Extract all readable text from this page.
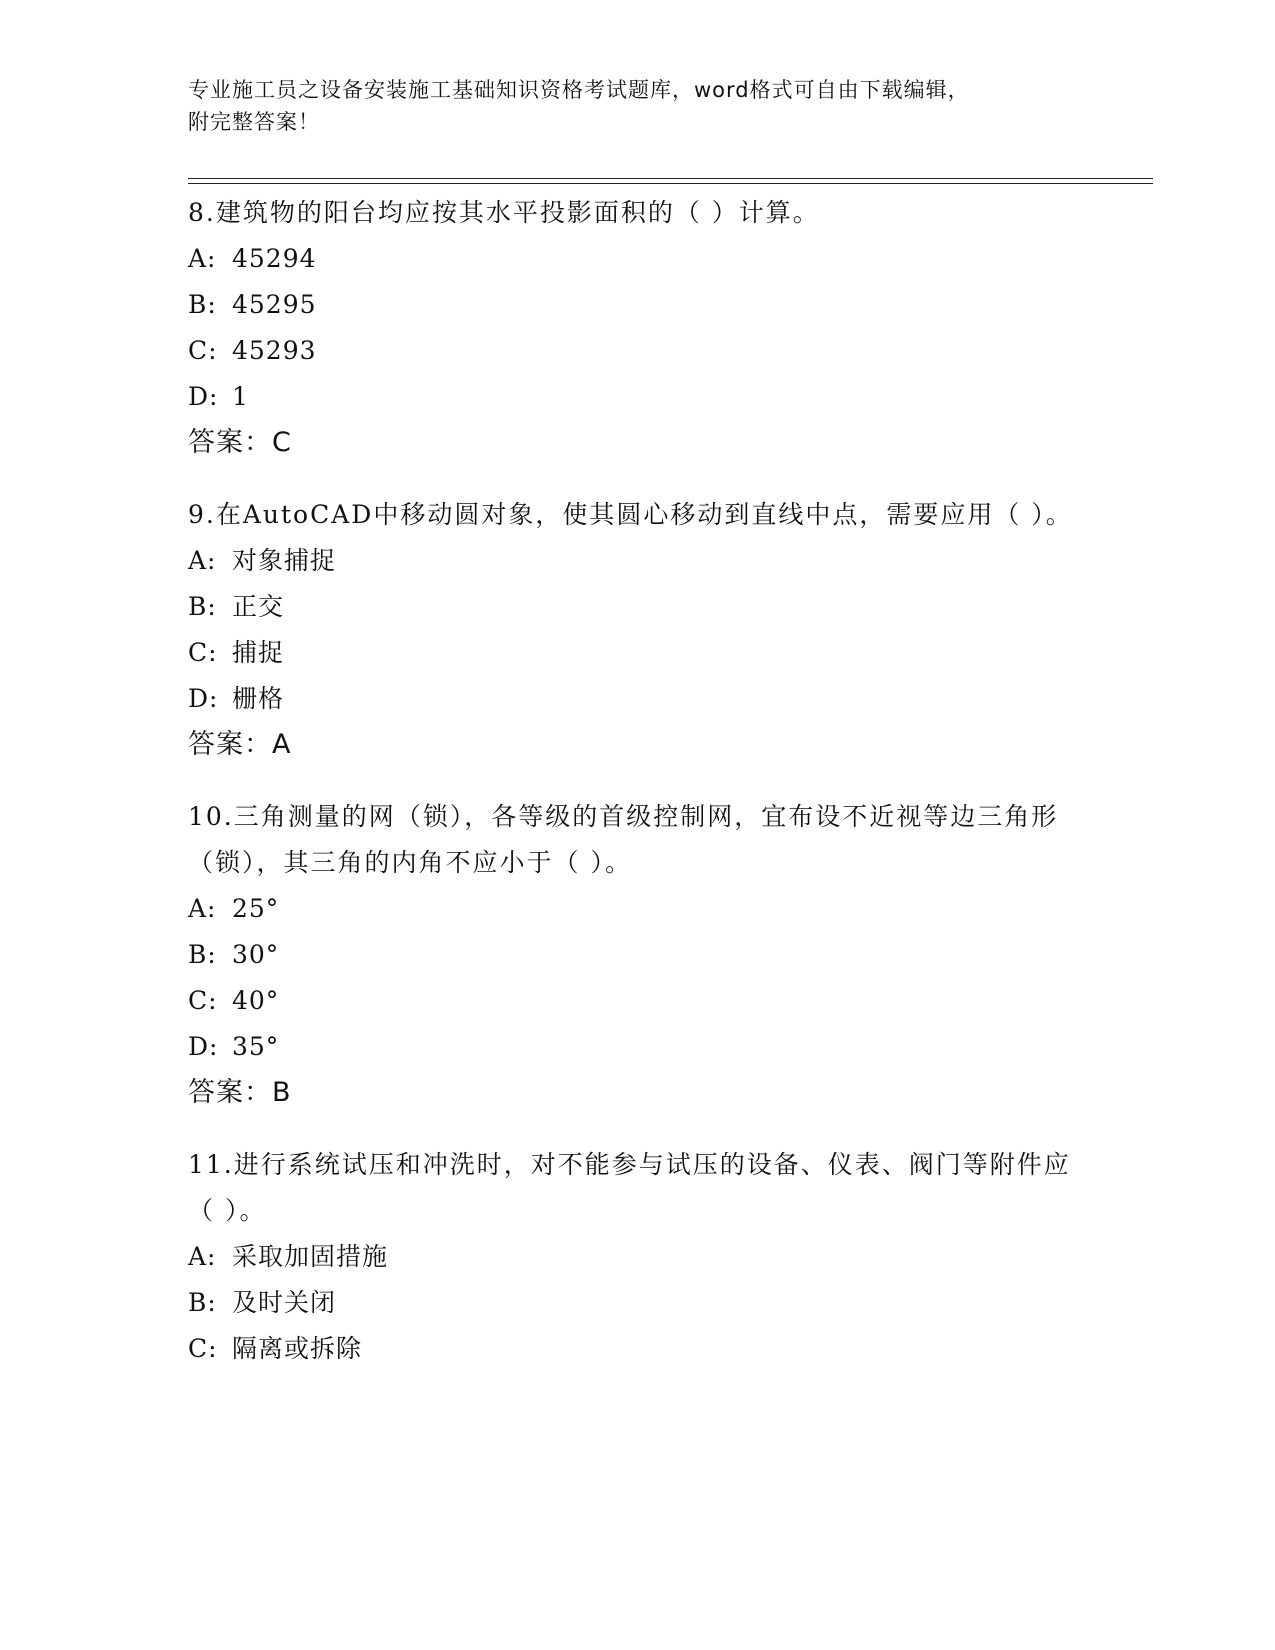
专业施工员之设备安装施工基础知识资格考试题库，word格式可自由下载编辑，
附完整答案！
8.建筑物的阳台均应按其水平投影面积的（ ）计算。
A: 45294
B: 45295
C: 45293
D: 1
答案：C
9.在AutoCAD中移动圆对象，使其圆心移动到直线中点，需要应用（ ）。
A: 对象捕捉
B: 正交
C: 捕捉
D: 栅格
答案：A
10.三角测量的网（锁），各等级的首级控制网，宜布设不近视等边三角形（锁），其三角的内角不应小于（ ）。
A: 25°
B: 30°
C: 40°
D: 35°
答案：B
11.进行系统试压和冲洗时，对不能参与试压的设备、仪表、阀门等附件应（ ）。
A: 采取加固措施
B: 及时关闭
C: 隔离或拆除
